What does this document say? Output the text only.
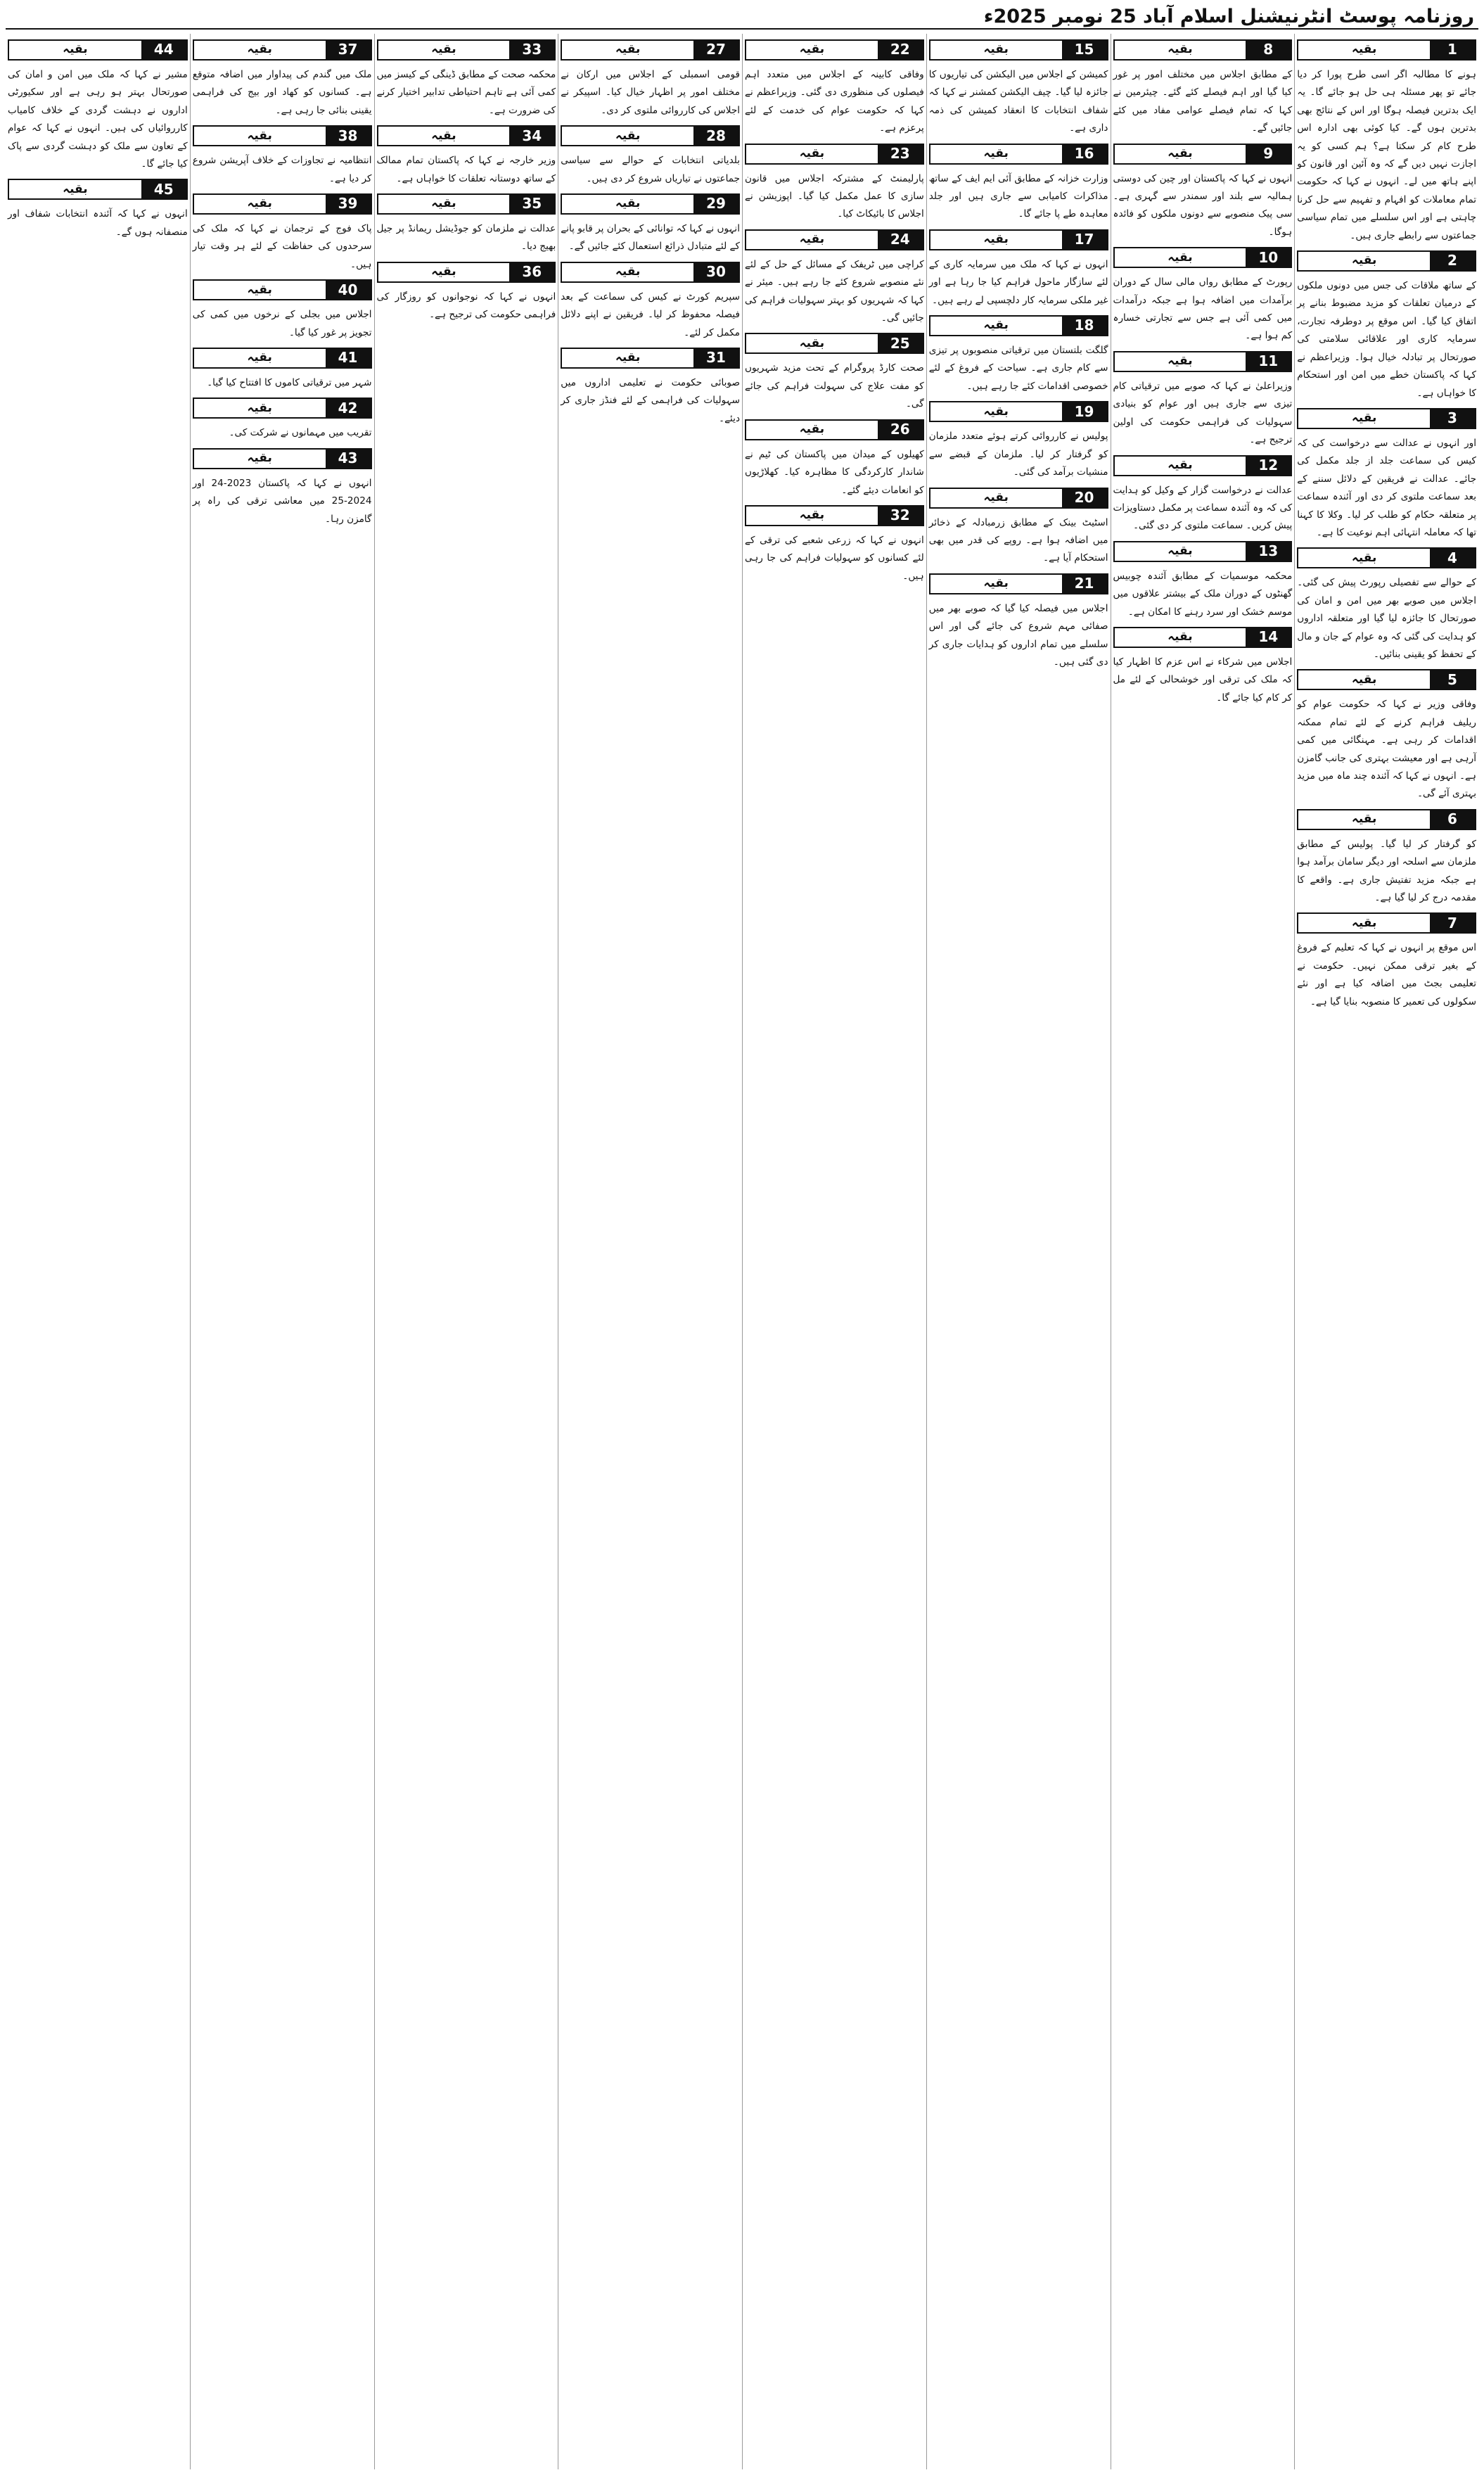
روزنامہ پوسٹ انٹرنیشنل اسلام آباد 25 نومبر 2025ء
1
بقیہ
ہونے کا مطالبہ اگر اسی طرح پورا کر دیا جائے تو پھر مسئلہ ہی حل ہو جائے گا۔ یہ ایک بدترین فیصلہ ہوگا اور اس کے نتائج بھی بدترین ہوں گے۔ کیا کوئی بھی ادارہ اس طرح کام کر سکتا ہے؟ ہم کسی کو یہ اجازت نہیں دیں گے کہ وہ آئین اور قانون کو اپنے ہاتھ میں لے۔ انہوں نے کہا کہ حکومت تمام معاملات کو افہام و تفہیم سے حل کرنا چاہتی ہے اور اس سلسلے میں تمام سیاسی جماعتوں سے رابطے جاری ہیں۔
2
بقیہ
کے ساتھ ملاقات کی جس میں دونوں ملکوں کے درمیان تعلقات کو مزید مضبوط بنانے پر اتفاق کیا گیا۔ اس موقع پر دوطرفہ تجارت، سرمایہ کاری اور علاقائی سلامتی کی صورتحال پر تبادلہ خیال ہوا۔ وزیراعظم نے کہا کہ پاکستان خطے میں امن اور استحکام کا خواہاں ہے۔
3
بقیہ
اور انہوں نے عدالت سے درخواست کی کہ کیس کی سماعت جلد از جلد مکمل کی جائے۔ عدالت نے فریقین کے دلائل سننے کے بعد سماعت ملتوی کر دی اور آئندہ سماعت پر متعلقہ حکام کو طلب کر لیا۔ وکلا کا کہنا تھا کہ معاملہ انتہائی اہم نوعیت کا ہے۔
4
بقیہ
کے حوالے سے تفصیلی رپورٹ پیش کی گئی۔ اجلاس میں صوبے بھر میں امن و امان کی صورتحال کا جائزہ لیا گیا اور متعلقہ اداروں کو ہدایت کی گئی کہ وہ عوام کے جان و مال کے تحفظ کو یقینی بنائیں۔
5
بقیہ
وفاقی وزیر نے کہا کہ حکومت عوام کو ریلیف فراہم کرنے کے لئے تمام ممکنہ اقدامات کر رہی ہے۔ مہنگائی میں کمی آرہی ہے اور معیشت بہتری کی جانب گامزن ہے۔ انہوں نے کہا کہ آئندہ چند ماہ میں مزید بہتری آئے گی۔
6
بقیہ
کو گرفتار کر لیا گیا۔ پولیس کے مطابق ملزمان سے اسلحہ اور دیگر سامان برآمد ہوا ہے جبکہ مزید تفتیش جاری ہے۔ واقعے کا مقدمہ درج کر لیا گیا ہے۔
7
بقیہ
اس موقع پر انہوں نے کہا کہ تعلیم کے فروغ کے بغیر ترقی ممکن نہیں۔ حکومت نے تعلیمی بجٹ میں اضافہ کیا ہے اور نئے سکولوں کی تعمیر کا منصوبہ بنایا گیا ہے۔
8
بقیہ
کے مطابق اجلاس میں مختلف امور پر غور کیا گیا اور اہم فیصلے کئے گئے۔ چیئرمین نے کہا کہ تمام فیصلے عوامی مفاد میں کئے جائیں گے۔
9
بقیہ
انہوں نے کہا کہ پاکستان اور چین کی دوستی ہمالیہ سے بلند اور سمندر سے گہری ہے۔ سی پیک منصوبے سے دونوں ملکوں کو فائدہ ہوگا۔
10
بقیہ
رپورٹ کے مطابق رواں مالی سال کے دوران برآمدات میں اضافہ ہوا ہے جبکہ درآمدات میں کمی آئی ہے جس سے تجارتی خسارہ کم ہوا ہے۔
11
بقیہ
وزیراعلیٰ نے کہا کہ صوبے میں ترقیاتی کام تیزی سے جاری ہیں اور عوام کو بنیادی سہولیات کی فراہمی حکومت کی اولین ترجیح ہے۔
12
بقیہ
عدالت نے درخواست گزار کے وکیل کو ہدایت کی کہ وہ آئندہ سماعت پر مکمل دستاویزات پیش کریں۔ سماعت ملتوی کر دی گئی۔
13
بقیہ
محکمہ موسمیات کے مطابق آئندہ چوبیس گھنٹوں کے دوران ملک کے بیشتر علاقوں میں موسم خشک اور سرد رہنے کا امکان ہے۔
14
بقیہ
اجلاس میں شرکاء نے اس عزم کا اظہار کیا کہ ملک کی ترقی اور خوشحالی کے لئے مل کر کام کیا جائے گا۔
15
بقیہ
کمیشن کے اجلاس میں الیکشن کی تیاریوں کا جائزہ لیا گیا۔ چیف الیکشن کمشنر نے کہا کہ شفاف انتخابات کا انعقاد کمیشن کی ذمہ داری ہے۔
16
بقیہ
وزارت خزانہ کے مطابق آئی ایم ایف کے ساتھ مذاکرات کامیابی سے جاری ہیں اور جلد معاہدہ طے پا جائے گا۔
17
بقیہ
انہوں نے کہا کہ ملک میں سرمایہ کاری کے لئے سازگار ماحول فراہم کیا جا رہا ہے اور غیر ملکی سرمایہ کار دلچسپی لے رہے ہیں۔
18
بقیہ
گلگت بلتستان میں ترقیاتی منصوبوں پر تیزی سے کام جاری ہے۔ سیاحت کے فروغ کے لئے خصوصی اقدامات کئے جا رہے ہیں۔
19
بقیہ
پولیس نے کارروائی کرتے ہوئے متعدد ملزمان کو گرفتار کر لیا۔ ملزمان کے قبضے سے منشیات برآمد کی گئی۔
20
بقیہ
اسٹیٹ بینک کے مطابق زرمبادلہ کے ذخائر میں اضافہ ہوا ہے۔ روپے کی قدر میں بھی استحکام آیا ہے۔
21
بقیہ
اجلاس میں فیصلہ کیا گیا کہ صوبے بھر میں صفائی مہم شروع کی جائے گی اور اس سلسلے میں تمام اداروں کو ہدایات جاری کر دی گئی ہیں۔
22
بقیہ
وفاقی کابینہ کے اجلاس میں متعدد اہم فیصلوں کی منظوری دی گئی۔ وزیراعظم نے کہا کہ حکومت عوام کی خدمت کے لئے پرعزم ہے۔
23
بقیہ
پارلیمنٹ کے مشترکہ اجلاس میں قانون سازی کا عمل مکمل کیا گیا۔ اپوزیشن نے اجلاس کا بائیکاٹ کیا۔
24
بقیہ
کراچی میں ٹریفک کے مسائل کے حل کے لئے نئے منصوبے شروع کئے جا رہے ہیں۔ میئر نے کہا کہ شہریوں کو بہتر سہولیات فراہم کی جائیں گی۔
25
بقیہ
صحت کارڈ پروگرام کے تحت مزید شہریوں کو مفت علاج کی سہولت فراہم کی جائے گی۔
26
بقیہ
کھیلوں کے میدان میں پاکستان کی ٹیم نے شاندار کارکردگی کا مظاہرہ کیا۔ کھلاڑیوں کو انعامات دیئے گئے۔
32
بقیہ
انہوں نے کہا کہ زرعی شعبے کی ترقی کے لئے کسانوں کو سہولیات فراہم کی جا رہی ہیں۔
27
بقیہ
قومی اسمبلی کے اجلاس میں ارکان نے مختلف امور پر اظہار خیال کیا۔ اسپیکر نے اجلاس کی کارروائی ملتوی کر دی۔
28
بقیہ
بلدیاتی انتخابات کے حوالے سے سیاسی جماعتوں نے تیاریاں شروع کر دی ہیں۔
29
بقیہ
انہوں نے کہا کہ توانائی کے بحران پر قابو پانے کے لئے متبادل ذرائع استعمال کئے جائیں گے۔
30
بقیہ
سپریم کورٹ نے کیس کی سماعت کے بعد فیصلہ محفوظ کر لیا۔ فریقین نے اپنے دلائل مکمل کر لئے۔
31
بقیہ
صوبائی حکومت نے تعلیمی اداروں میں سہولیات کی فراہمی کے لئے فنڈز جاری کر دیئے۔
33
بقیہ
محکمہ صحت کے مطابق ڈینگی کے کیسز میں کمی آئی ہے تاہم احتیاطی تدابیر اختیار کرنے کی ضرورت ہے۔
34
بقیہ
وزیر خارجہ نے کہا کہ پاکستان تمام ممالک کے ساتھ دوستانہ تعلقات کا خواہاں ہے۔
35
بقیہ
عدالت نے ملزمان کو جوڈیشل ریمانڈ پر جیل بھیج دیا۔
36
بقیہ
انہوں نے کہا کہ نوجوانوں کو روزگار کی فراہمی حکومت کی ترجیح ہے۔
37
بقیہ
ملک میں گندم کی پیداوار میں اضافہ متوقع ہے۔ کسانوں کو کھاد اور بیج کی فراہمی یقینی بنائی جا رہی ہے۔
38
بقیہ
انتظامیہ نے تجاوزات کے خلاف آپریشن شروع کر دیا ہے۔
39
بقیہ
پاک فوج کے ترجمان نے کہا کہ ملک کی سرحدوں کی حفاظت کے لئے ہر وقت تیار ہیں۔
40
بقیہ
اجلاس میں بجلی کے نرخوں میں کمی کی تجویز پر غور کیا گیا۔
41
بقیہ
شہر میں ترقیاتی کاموں کا افتتاح کیا گیا۔
42
بقیہ
تقریب میں مہمانوں نے شرکت کی۔
43
بقیہ
انہوں نے کہا کہ پاکستان 2023-24 اور 2024-25 میں معاشی ترقی کی راہ پر گامزن رہا۔
44
بقیہ
مشیر نے کہا کہ ملک میں امن و امان کی صورتحال بہتر ہو رہی ہے اور سکیورٹی اداروں نے دہشت گردی کے خلاف کامیاب کارروائیاں کی ہیں۔ انہوں نے کہا کہ عوام کے تعاون سے ملک کو دہشت گردی سے پاک کیا جائے گا۔
45
بقیہ
انہوں نے کہا کہ آئندہ انتخابات شفاف اور منصفانہ ہوں گے۔
